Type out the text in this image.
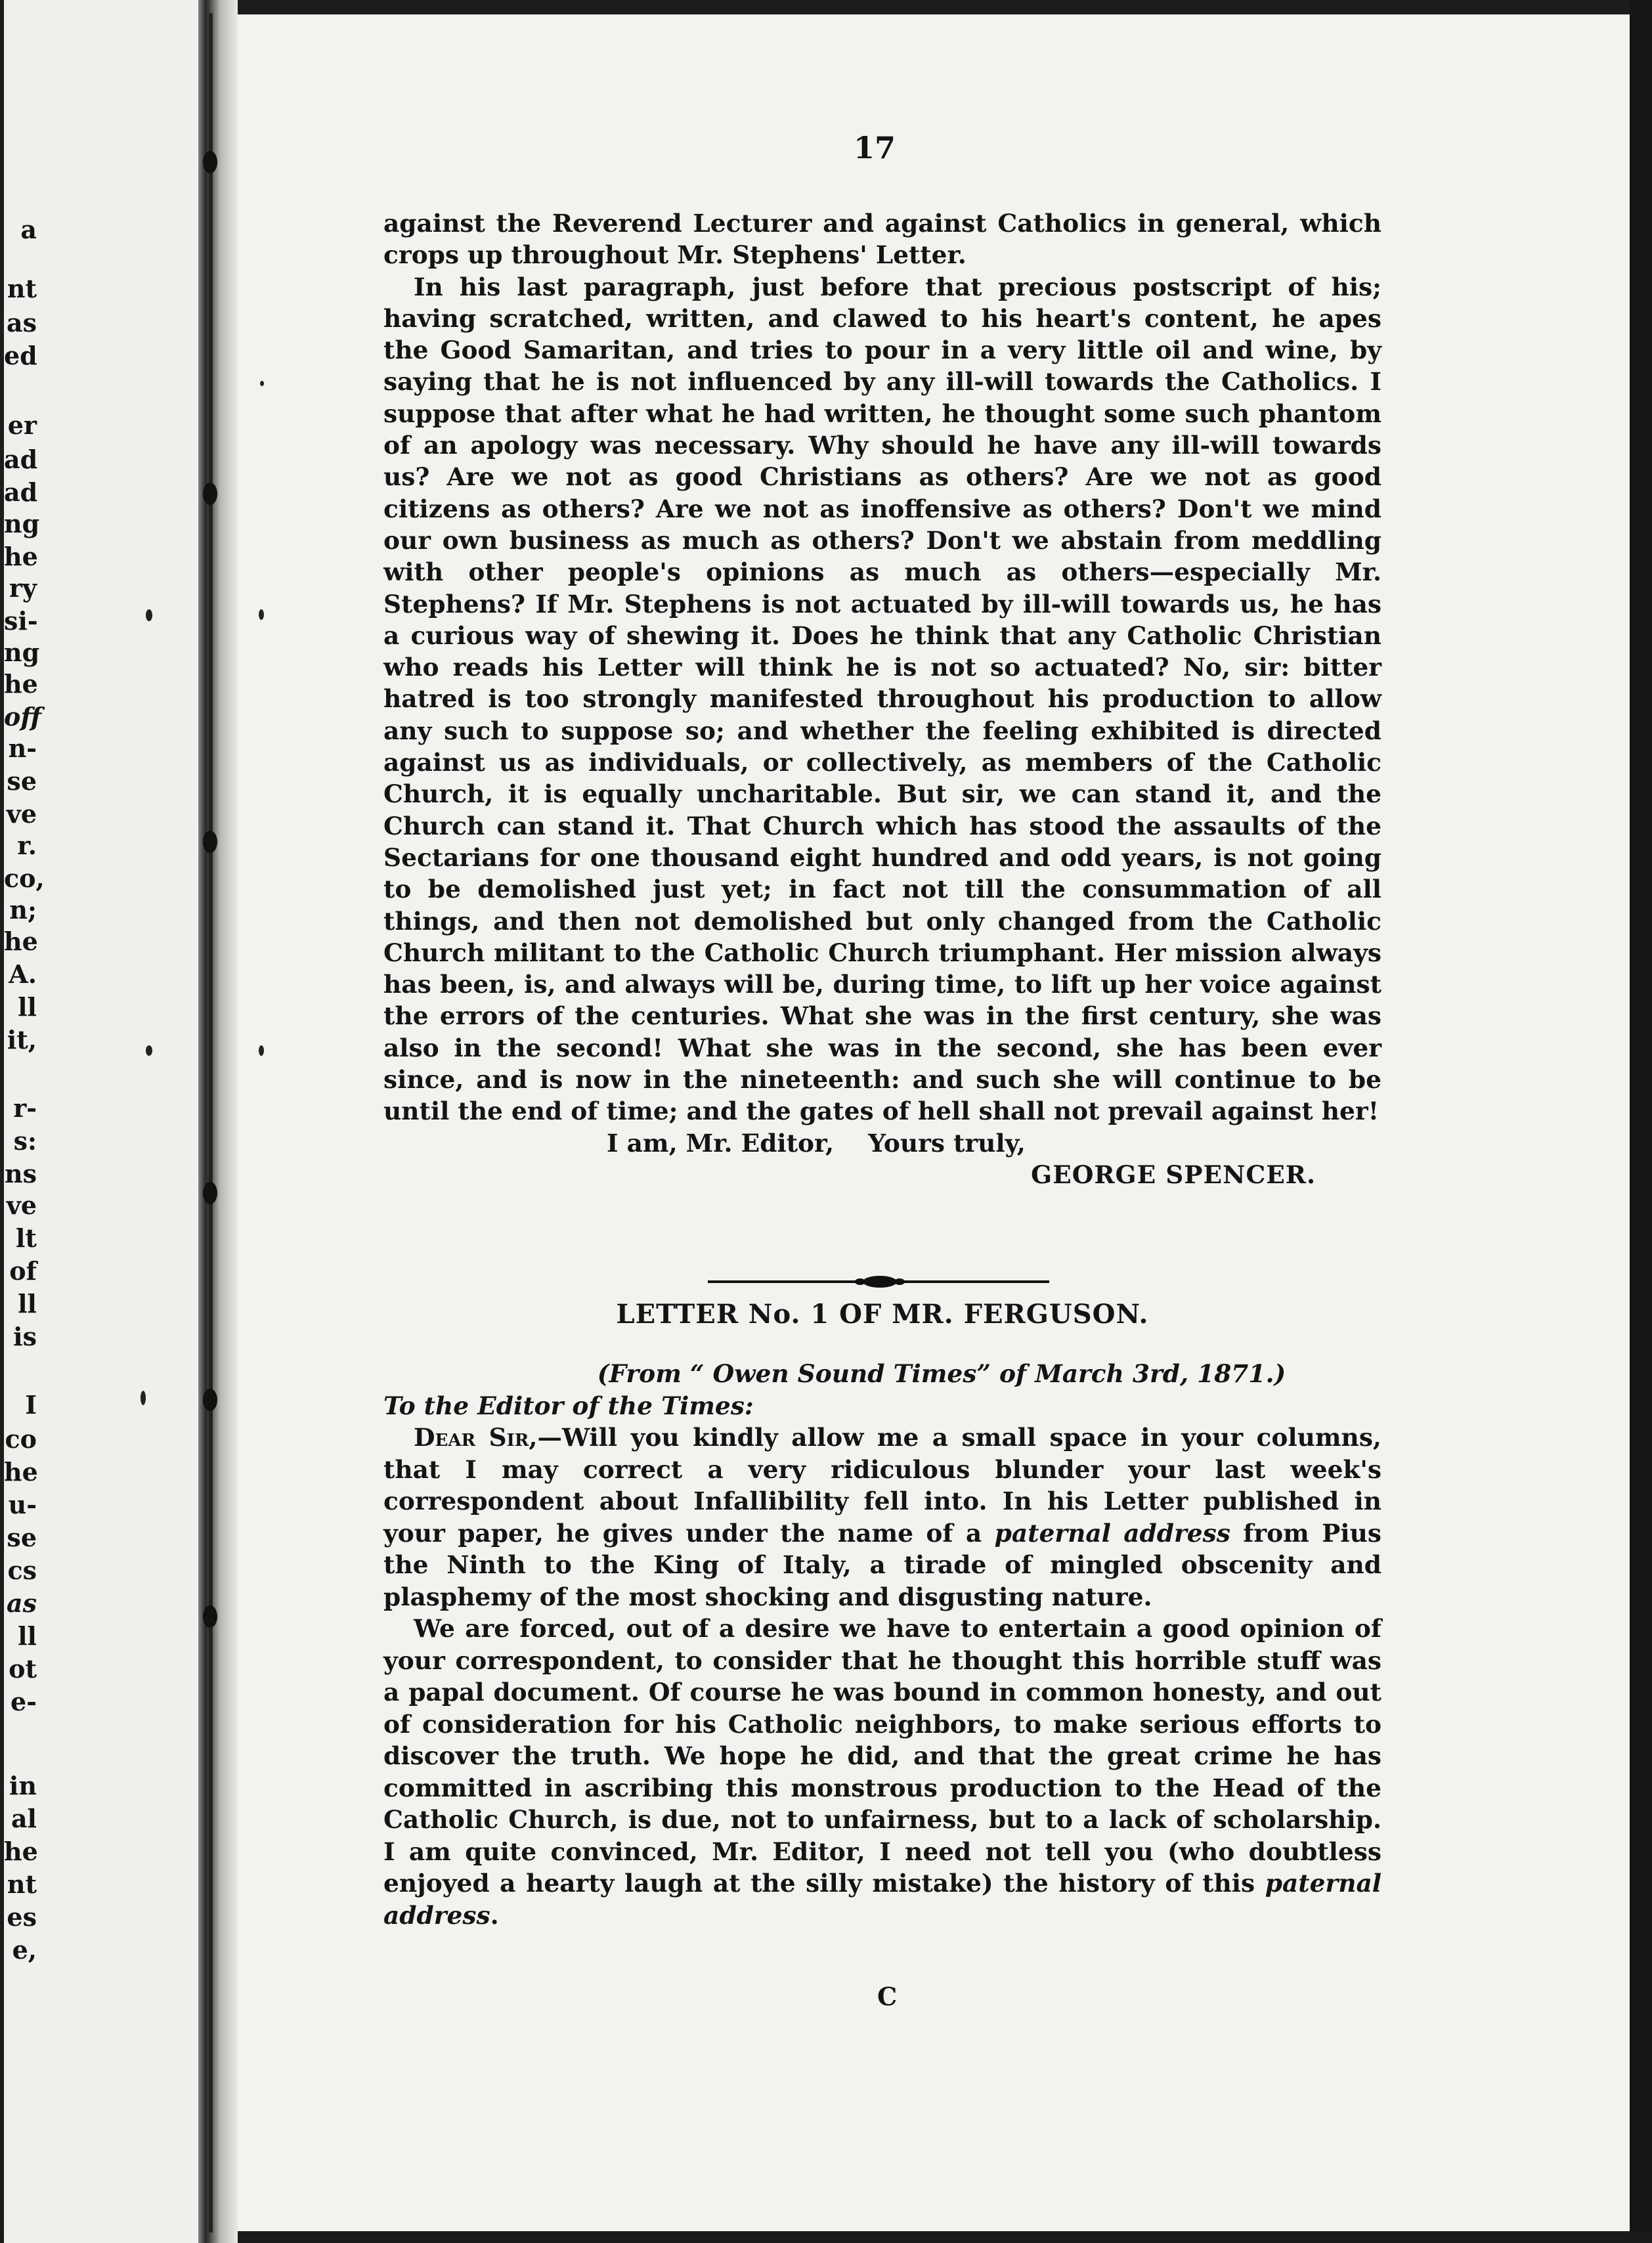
a
nt
as
ed
er
ad
ad
ng
he
ry
si-
ng
he
off
n-
se
ve
r.
co,
n;
he
A.
ll
it,
r-
s:
ns
ve
lt
of
ll
is
I
co
he
u-
se
cs
as
ll
ot
e-
in
al
he
nt
es
e,
17

against the Reverend Lecturer and against Catholics in general, which crops up throughout Mr. Stephens' Letter.

In his last paragraph, just before that precious postscript of his; having scratched, written, and clawed to his heart's content, he apes the Good Samaritan, and tries to pour in a very little oil and wine, by saying that he is not influenced by any ill-will towards the Catholics. I suppose that after what he had written, he thought some such phantom of an apology was necessary. Why should he have any ill-will towards us? Are we not as good Christians as others? Are we not as good citizens as others? Are we not as inoffensive as others? Don't we mind our own business as much as others? Don't we abstain from meddling with other people's opinions as much as others—especially Mr. Stephens? If Mr. Stephens is not actuated by ill-will towards us, he has a curious way of shewing it. Does he think that any Catholic Christian who reads his Letter will think he is not so actuated? No, sir: bitter hatred is too strongly manifested throughout his production to allow any such to suppose so; and whether the feeling exhibited is directed against us as individuals, or collectively, as members of the Catholic Church, it is equally uncharitable. But sir, we can stand it, and the Church can stand it. That Church which has stood the assaults of the Sectarians for one thousand eight hundred and odd years, is not going to be demolished just yet; in fact not till the consummation of all things, and then not demolished but only changed from the Catholic Church militant to the Catholic Church triumphant. Her mission always has been, is, and always will be, during time, to lift up her voice against the errors of the centuries. What she was in the first century, she was also in the second! What she was in the second, she has been ever since, and is now in the nineteenth: and such she will continue to be until the end of time; and the gates of hell shall not prevail against her!

I am, Mr. Editor,    Yours truly,

GEORGE SPENCER.

LETTER No. 1 OF MR. FERGUSON.

(From “ Owen Sound Times” of March 3rd, 1871.)

To the Editor of the Times:

Dear Sir,—Will you kindly allow me a small space in your columns, that I may correct a very ridiculous blunder your last week's correspondent about Infallibility fell into. In his Letter published in your paper, he gives under the name of a paternal address from Pius the Ninth to the King of Italy, a tirade of mingled obscenity and plasphemy of the most shocking and disgusting nature.

We are forced, out of a desire we have to entertain a good opinion of your correspondent, to consider that he thought this horrible stuff was a papal document. Of course he was bound in common honesty, and out of consideration for his Catholic neighbors, to make serious efforts to discover the truth. We hope he did, and that the great crime he has committed in ascribing this monstrous production to the Head of the Catholic Church, is due, not to unfairness, but to a lack of scholarship. I am quite convinced, Mr. Editor, I need not tell you (who doubtless enjoyed a hearty laugh at the silly mistake) the history of this paternal address.

C
